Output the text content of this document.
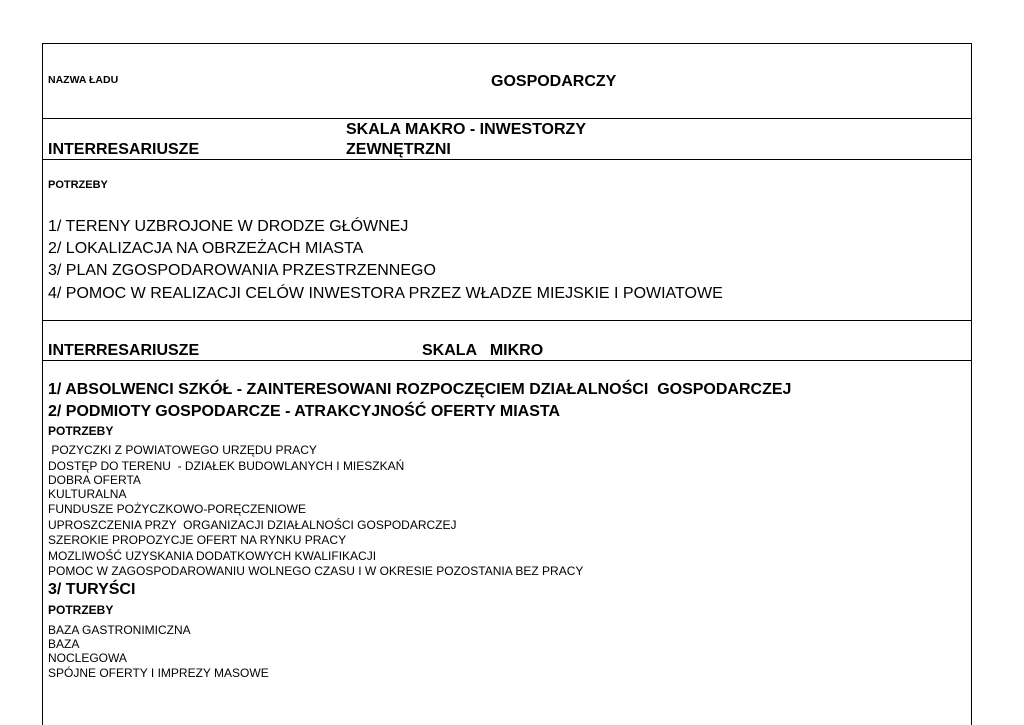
NAZWA ŁADU	GOSPODARCZY
INTERRESARIUSZE
SKALA MAKRO - INWESTORZY
ZEWNĘTRZNI
POTRZEBY
1/ TERENY UZBROJONE W DRODZE GŁÓWNEJ
2/ LOKALIZACJA NA OBRZEŻACH MIASTA
3/ PLAN ZGOSPODAROWANIA PRZESTRZENNEGO
4/ POMOC W REALIZACJI CELÓW INWESTORA PRZEZ WŁADZE MIEJSKIE I POWIATOWE
INTERRESARIUSZE	SKALA   MIKRO
1/ ABSOLWENCI SZKÓŁ - ZAINTERESOWANI ROZPOCZĘCIEM DZIAŁALNOŚCI  GOSPODARCZEJ
2/ PODMIOTY GOSPODARCZE - ATRAKCYJNOŚĆ OFERTY MIASTA
POTRZEBY
POZYCZKI Z POWIATOWEGO URZĘDU PRACY
DOSTĘP DO TERENU  - DZIAŁEK BUDOWLANYCH I MIESZKAŃ
DOBRA OFERTA
KULTURALNA
FUNDUSZE POŻYCZKOWO-PORĘCZENIOWE
UPROSZCZENIA PRZY  ORGANIZACJI DZIAŁALNOŚCI GOSPODARCZEJ
SZEROKIE PROPOZYCJE OFERT NA RYNKU PRACY
MOZLIWOŚĆ UZYSKANIA DODATKOWYCH KWALIFIKACJI
POMOC W ZAGOSPODAROWANIU WOLNEGO CZASU I W OKRESIE POZOSTANIA BEZ PRACY
3/ TURYŚCI
POTRZEBY
BAZA GASTRONIMICZNA
BAZA
NOCLEGOWA
SPÓJNE OFERTY I IMPREZY MASOWE
